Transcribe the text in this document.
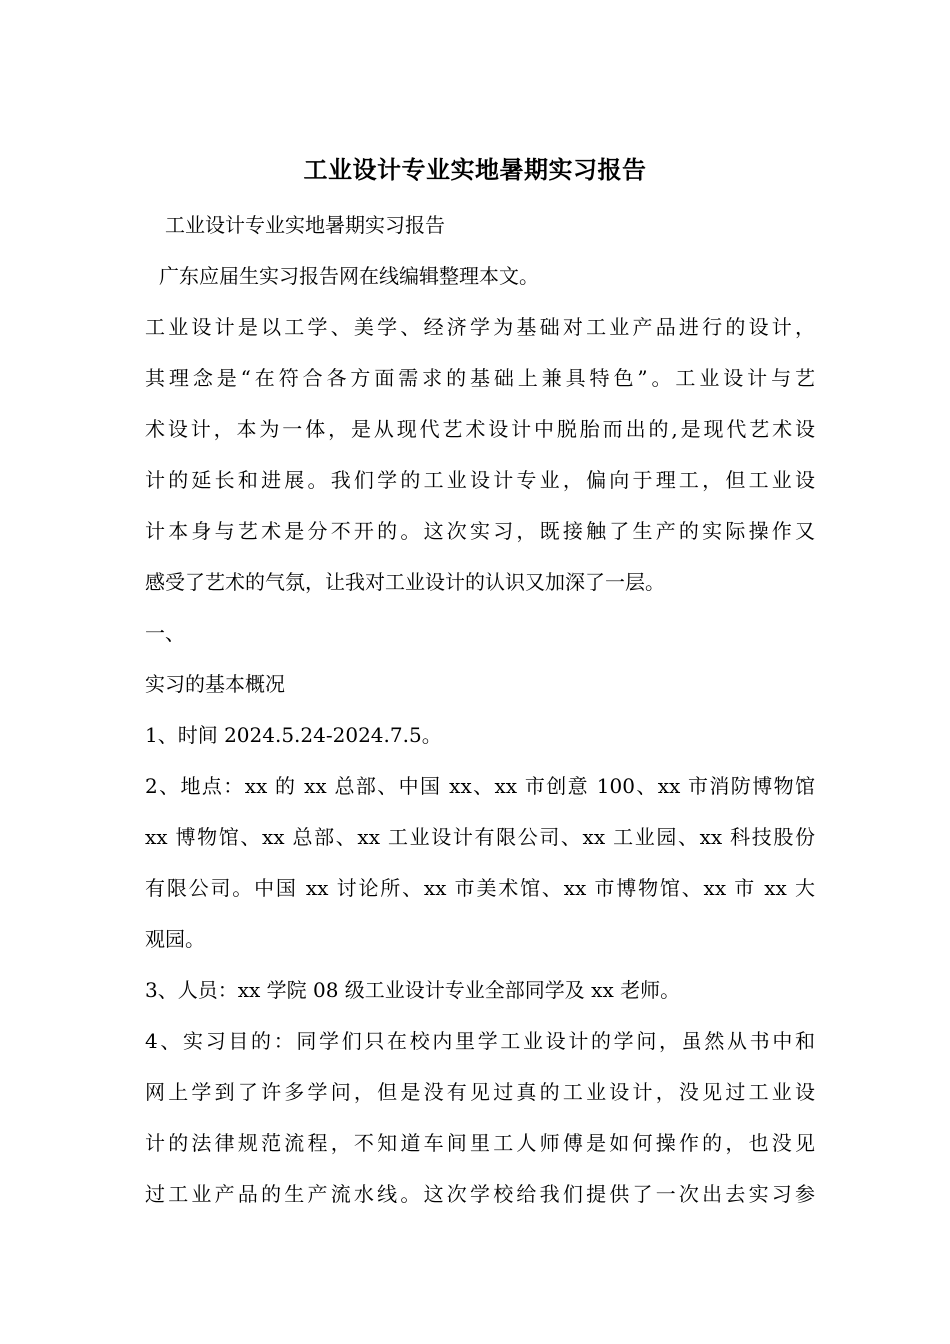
工业设计专业实地暑期实习报告
工业设计专业实地暑期实习报告
广东应届生实习报告网在线编辑整理本文。
工业设计是以工学、美学、经济学为基础对工业产品进行的设计，
其理念是“在符合各方面需求的基础上兼具特色”。工业设计与艺
术设计，本为一体，是从现代艺术设计中脱胎而出的,是现代艺术设
计的延长和进展。我们学的工业设计专业，偏向于理工，但工业设
计本身与艺术是分不开的。这次实习，既接触了生产的实际操作又
感受了艺术的气氛，让我对工业设计的认识又加深了一层。
一、
实习的基本概况
1、时间 2024.5.24-2024.7.5。
2、地点：xx 的 xx 总部、中国 xx、xx 市创意 100、xx 市消防博物馆
xx 博物馆、xx 总部、xx 工业设计有限公司、xx 工业园、xx 科技股份
有限公司。中国 xx 讨论所、xx 市美术馆、xx 市博物馆、xx 市 xx 大
观园。
3、人员：xx 学院 08 级工业设计专业全部同学及 xx 老师。
4、实习目的：同学们只在校内里学工业设计的学问，虽然从书中和
网上学到了许多学问，但是没有见过真的工业设计，没见过工业设
计的法律规范流程，不知道车间里工人师傅是如何操作的，也没见
过工业产品的生产流水线。这次学校给我们提供了一次出去实习参
